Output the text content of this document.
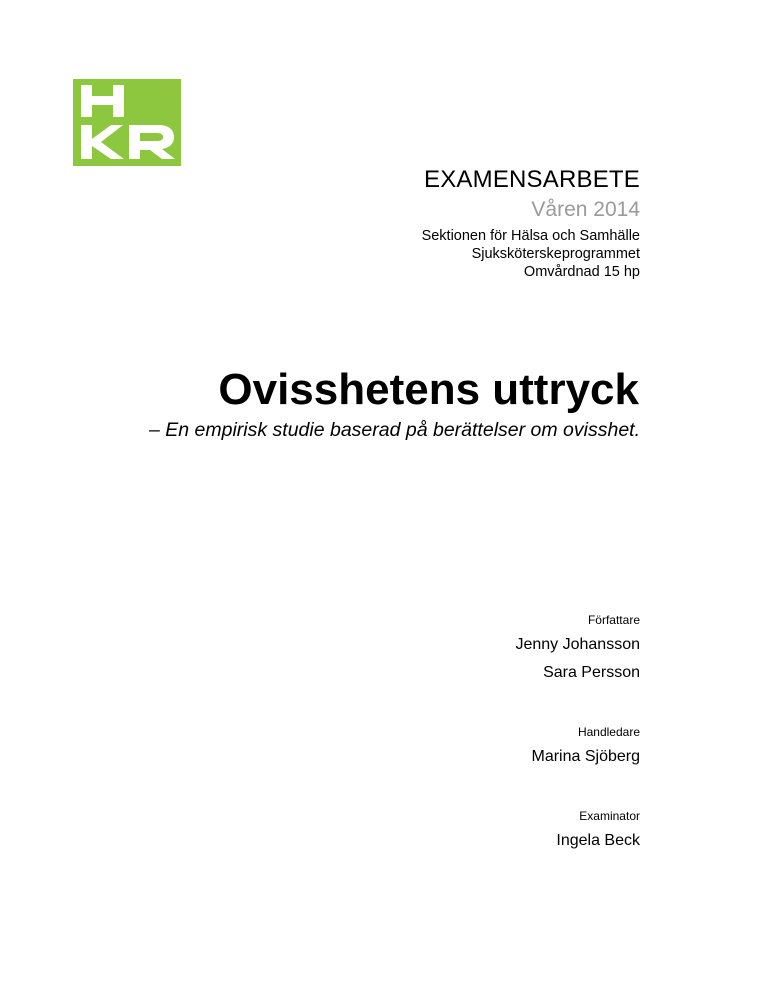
EXAMENSARBETE
Våren 2014
Sektionen för Hälsa och Samhälle
Sjuksköterskeprogrammet
Omvårdnad 15 hp
Ovisshetens uttryck
– En empirisk studie baserad på berättelser om ovisshet.
Författare
Jenny Johansson
Sara Persson
Handledare
Marina Sjöberg
Examinator
Ingela Beck
